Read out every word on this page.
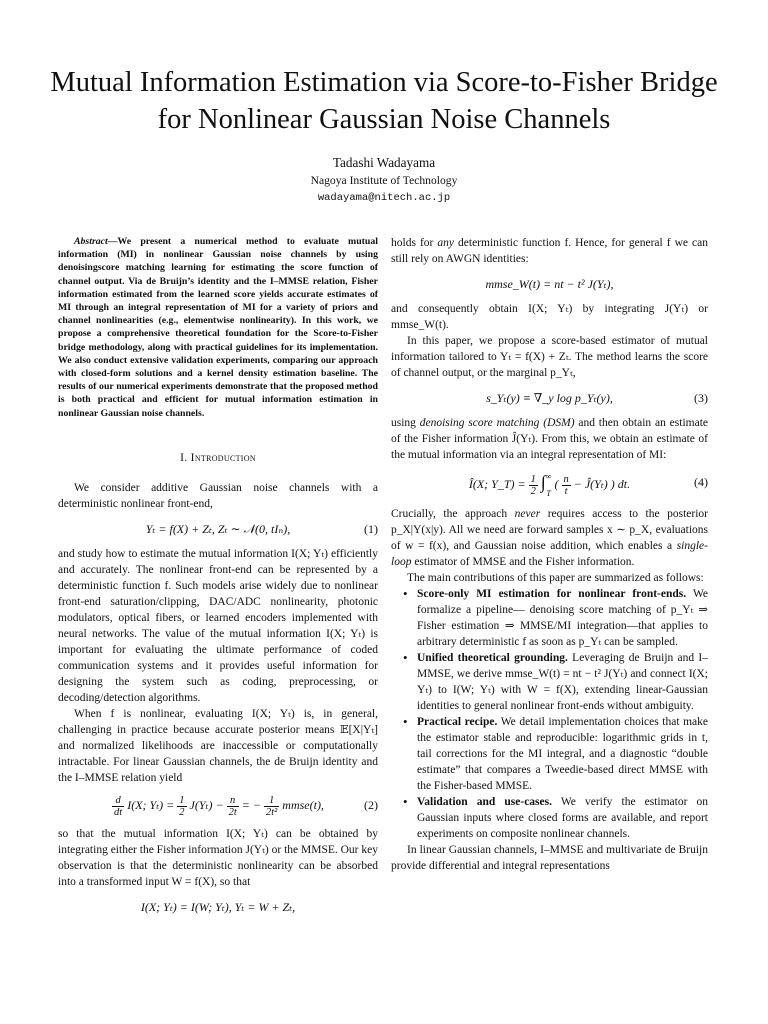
Mutual Information Estimation via Score-to-Fisher Bridge for Nonlinear Gaussian Noise Channels
Tadashi Wadayama
Nagoya Institute of Technology
wadayama@nitech.ac.jp

Abstract—We present a numerical method to evaluate mutual information (MI) in nonlinear Gaussian noise channels by using denoisingscore matching learning for estimating the score function of channel output. Via de Bruijn’s identity and the I–MMSE relation, Fisher information estimated from the learned score yields accurate estimates of MI through an integral representation of MI for a variety of priors and channel nonlinearities (e.g., elementwise nonlinearity). In this work, we propose a comprehensive theoretical foundation for the Score-to-Fisher bridge methodology, along with practical guidelines for its implementation. We also conduct extensive validation experiments, comparing our approach with closed-form solutions and a kernel density estimation baseline. The results of our numerical experiments demonstrate that the proposed method is both practical and efficient for mutual information estimation in nonlinear Gaussian noise channels.

I. Introduction

We consider additive Gaussian noise channels with a deterministic nonlinear front-end,

Yₜ = f(X) + Zₜ, Zₜ ∼ 𝒩(0, tIₙ),	(1)

and study how to estimate the mutual information I(X; Yₜ) efficiently and accurately. The nonlinear front-end can be represented by a deterministic function f. Such models arise widely due to nonlinear front-end saturation/clipping, DAC/ADC nonlinearity, photonic modulators, optical fibers, or learned encoders implemented with neural networks. The value of the mutual information I(X; Yₜ) is important for evaluating the ultimate performance of coded communication systems and it provides useful information for designing the system such as coding, preprocessing, or decoding/detection algorithms.

When f is nonlinear, evaluating I(X; Yₜ) is, in general, challenging in practice because accurate posterior means 𝔼[X|Yₜ] and normalized likelihoods are inaccessible or computationally intractable. For linear Gaussian channels, the de Bruijn identity and the I–MMSE relation yield

$\frac{d}{dt} I(X$; $Y_t) = \frac{1}{2} J(Y_t) - \frac{n}{2t}$ = − $\frac{1}{\text{2t²}}$ mmse(t),	(2)

so that the mutual information I(X; Yₜ) can be obtained by integrating either the Fisher information J(Yₜ) or the MMSE. Our key observation is that the deterministic nonlinearity can be absorbed into a transformed input W = f(X), so that

I(X; Yₜ) = I(W; Yₜ), Yₜ = W + Zₜ,

holds for any deterministic function f. Hence, for general f we can still rely on AWGN identities:

mmse_W(t) = nt − t² J(Yₜ),

and consequently obtain I(X; Yₜ) by integrating J(Yₜ) or mmse_W(t).

In this paper, we propose a score-based estimator of mutual information tailored to Yₜ = f(X) + Zₜ. The method learns the score of channel output, or the marginal p_Yₜ,

s_Yₜ(y) ≡ ∇_y log p_Yₜ(y),	(3)

using denoising score matching (DSM) and then obtain an estimate of the Fisher information Ĵ(Yₜ). From this, we obtain an estimate of the mutual information via an integral representation of MI:

Î(X; Y_T) = $\frac{1}{2}$ ∫ ∞
T
( $\frac{n}{t}$ − Ĵ(Yₜ) ) dt.	(4)

Crucially, the approach never requires access to the posterior p_X|Y(x|y). All we need are forward samples x ∼ p_X, evaluations of w = f(x), and Gaussian noise addition, which enables a single-loop estimator of MMSE and the Fisher information.

The main contributions of this paper are summarized as follows:

• Score-only MI estimation for nonlinear front-ends. We formalize a pipeline— denoising score matching of p_Yₜ ⇒ Fisher estimation ⇒ MMSE/MI integration—that applies to arbitrary deterministic f as soon as p_Yₜ can be sampled.
• Unified theoretical grounding. Leveraging de Bruijn and I–MMSE, we derive mmse_W(t) = nt − t² J(Yₜ) and connect I(X; Yₜ) to I(W; Yₜ) with W = f(X), extending linear-Gaussian identities to general nonlinear front-ends without ambiguity.
• Practical recipe. We detail implementation choices that make the estimator stable and reproducible: logarithmic grids in t, tail corrections for the MI integral, and a diagnostic “double estimate” that compares a Tweedie-based direct MMSE with the Fisher-based MMSE.
• Validation and use-cases. We verify the estimator on Gaussian inputs where closed forms are available, and report experiments on composite nonlinear channels.

In linear Gaussian channels, I–MMSE and multivariate de Bruijn provide differential and integral representations
